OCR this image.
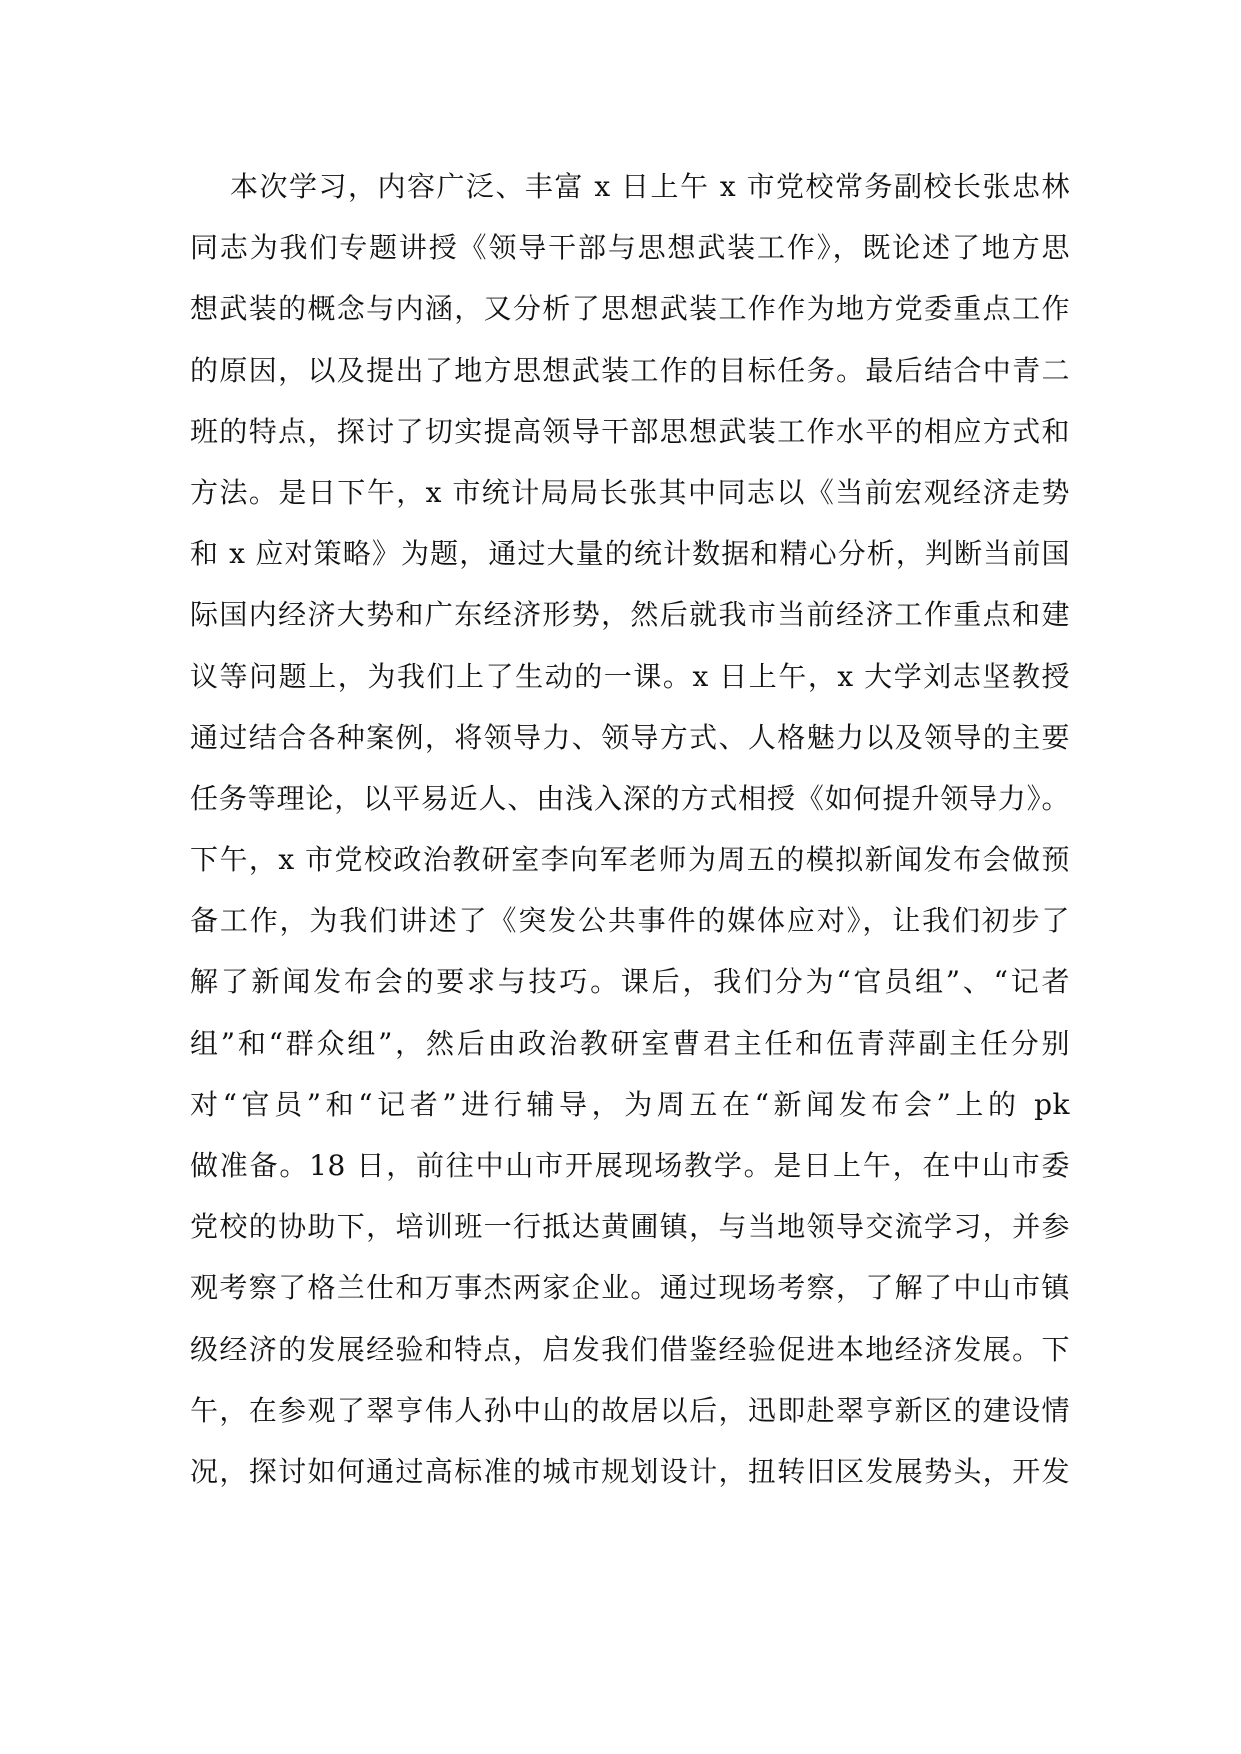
本次学习，内容广泛、丰富 x 日上午 x 市党校常务副校长张忠林
同志为我们专题讲授《领导干部与思想武装工作》，既论述了地方思
想武装的概念与内涵，又分析了思想武装工作作为地方党委重点工作
的原因，以及提出了地方思想武装工作的目标任务。最后结合中青二
班的特点，探讨了切实提高领导干部思想武装工作水平的相应方式和
方法。是日下午，x 市统计局局长张其中同志以《当前宏观经济走势
和 x 应对策略》为题，通过大量的统计数据和精心分析，判断当前国
际国内经济大势和广东经济形势，然后就我市当前经济工作重点和建
议等问题上，为我们上了生动的一课。x 日上午，x 大学刘志坚教授
通过结合各种案例，将领导力、领导方式、人格魅力以及领导的主要
任务等理论，以平易近人、由浅入深的方式相授《如何提升领导力》。
下午，x 市党校政治教研室李向军老师为周五的模拟新闻发布会做预
备工作，为我们讲述了《突发公共事件的媒体应对》，让我们初步了
解了新闻发布会的要求与技巧。课后，我们分为“官员组”、“记者
组”和“群众组”，然后由政治教研室曹君主任和伍青萍副主任分别
对“官员”和“记者”进行辅导，为周五在“新闻发布会”上的 pk
做准备。18 日，前往中山市开展现场教学。是日上午，在中山市委
党校的协助下，培训班一行抵达黄圃镇，与当地领导交流学习，并参
观考察了格兰仕和万事杰两家企业。通过现场考察，了解了中山市镇
级经济的发展经验和特点，启发我们借鉴经验促进本地经济发展。下
午，在参观了翠亨伟人孙中山的故居以后，迅即赴翠亨新区的建设情
况，探讨如何通过高标准的城市规划设计，扭转旧区发展势头，开发
